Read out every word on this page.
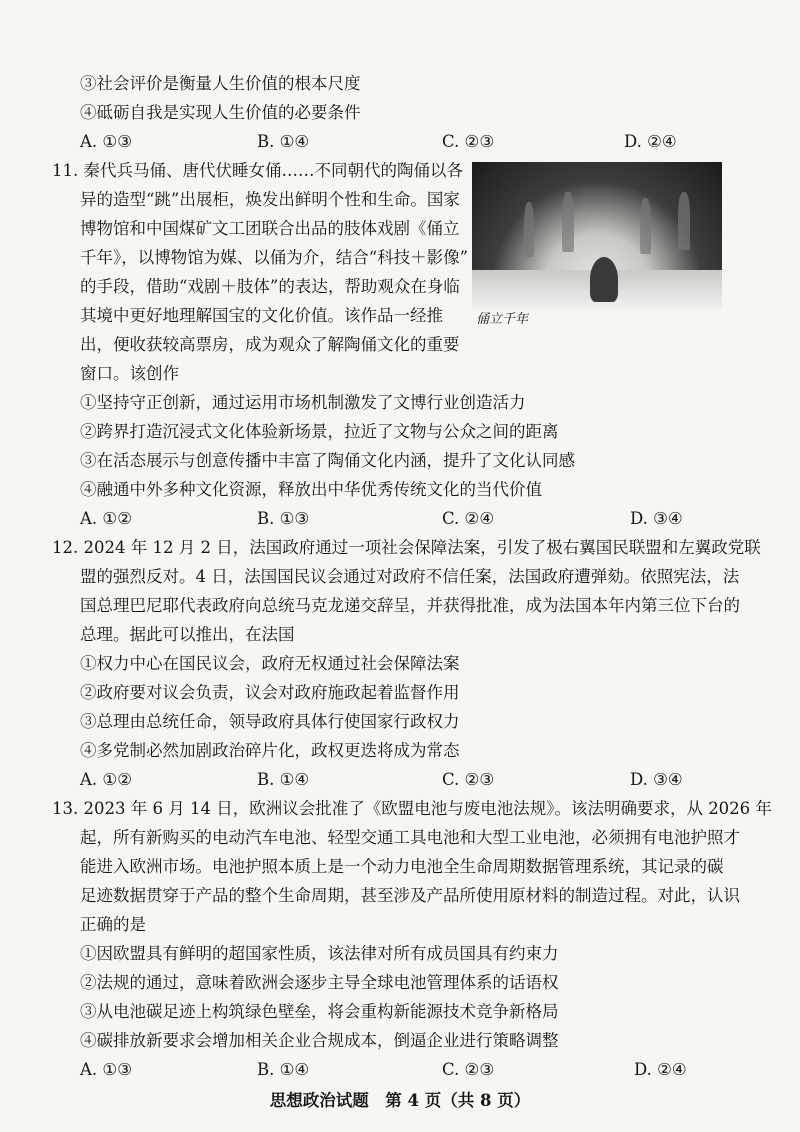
③社会评价是衡量人生价值的根本尺度
④砥砺自我是实现人生价值的必要条件
A. ①③	B. ①④	C. ②③	D. ②④
11. 秦代兵马俑、唐代伏睡女俑……不同朝代的陶俑以各
异的造型“跳”出展柜，焕发出鲜明个性和生命。国家
博物馆和中国煤矿文工团联合出品的肢体戏剧《俑立
千年》，以博物馆为媒、以俑为介，结合“科技＋影像”
的手段，借助“戏剧＋肢体”的表达，帮助观众在身临
其境中更好地理解国宝的文化价值。该作品一经推
出，便收获较高票房，成为观众了解陶俑文化的重要
窗口。该创作
俑立千年
①坚持守正创新，通过运用市场机制激发了文博行业创造活力
②跨界打造沉浸式文化体验新场景，拉近了文物与公众之间的距离
③在活态展示与创意传播中丰富了陶俑文化内涵，提升了文化认同感
④融通中外多种文化资源，释放出中华优秀传统文化的当代价值
A. ①②	B. ①③	C. ②④	D. ③④
12. 2024 年 12 月 2 日，法国政府通过一项社会保障法案，引发了极右翼国民联盟和左翼政党联
盟的强烈反对。4 日，法国国民议会通过对政府不信任案，法国政府遭弹劾。依照宪法，法
国总理巴尼耶代表政府向总统马克龙递交辞呈，并获得批准，成为法国本年内第三位下台的
总理。据此可以推出，在法国
①权力中心在国民议会，政府无权通过社会保障法案
②政府要对议会负责，议会对政府施政起着监督作用
③总理由总统任命，领导政府具体行使国家行政权力
④多党制必然加剧政治碎片化，政权更迭将成为常态
A. ①②	B. ①④	C. ②③	D. ③④
13. 2023 年 6 月 14 日，欧洲议会批准了《欧盟电池与废电池法规》。该法明确要求，从 2026 年
起，所有新购买的电动汽车电池、轻型交通工具电池和大型工业电池，必须拥有电池护照才
能进入欧洲市场。电池护照本质上是一个动力电池全生命周期数据管理系统，其记录的碳
足迹数据贯穿于产品的整个生命周期，甚至涉及产品所使用原材料的制造过程。对此，认识
正确的是
①因欧盟具有鲜明的超国家性质，该法律对所有成员国具有约束力
②法规的通过，意味着欧洲会逐步主导全球电池管理体系的话语权
③从电池碳足迹上构筑绿色壁垒，将会重构新能源技术竞争新格局
④碳排放新要求会增加相关企业合规成本，倒逼企业进行策略调整
A. ①③	B. ①④	C. ②③	D. ②④
思想政治试题　第 4 页（共 8 页）
